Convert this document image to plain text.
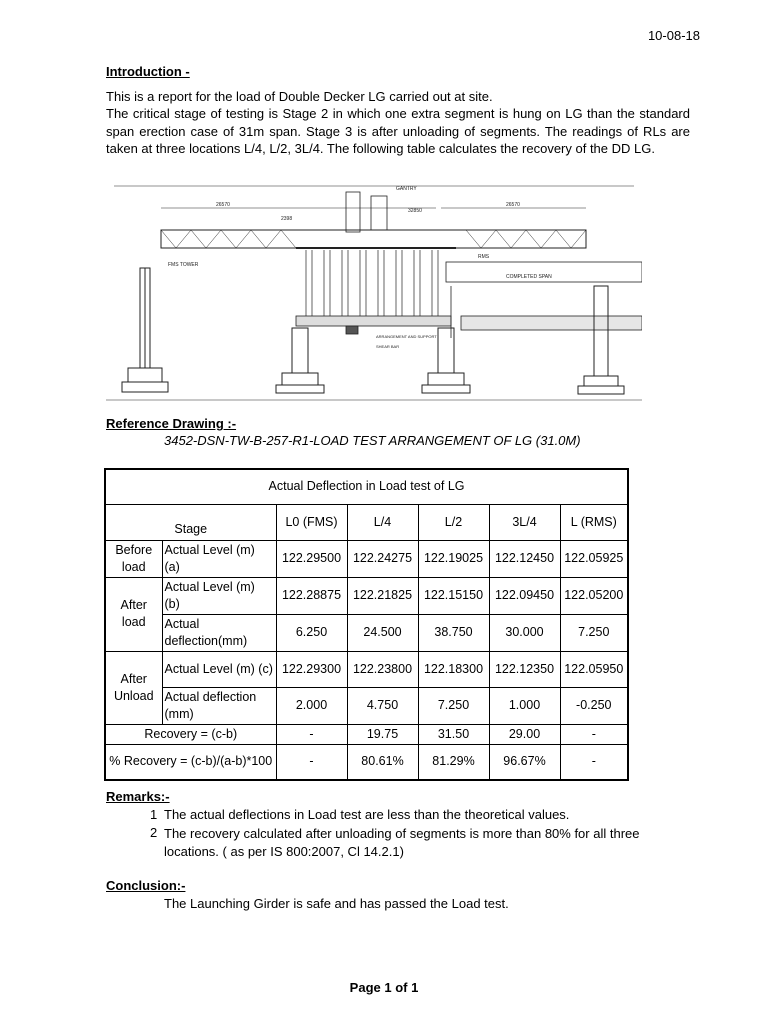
10-08-18
Introduction -
This is a report for the load of Double Decker LG carried out at site.
The critical stage of testing is Stage 2 in which one extra segment is hung on LG than the standard span erection case of 31m span. Stage 3 is after unloading of segments. The readings of RLs are taken at three locations L/4, L/2, 3L/4. The following table calculates the recovery of the DD LG.
26570	26570
32850
2398
GANTRY
ARRANGEMENT AND SUPPORT
SHEAR BAR
RMS
COMPLETED SPAN
FMS TOWER
Reference Drawing :-
3452-DSN-TW-B-257-R1-LOAD TEST ARRANGEMENT OF LG (31.0M)
Actual Deflection in Load test of LG						
Stage		L0 (FMS)	L/4	L/2	3L/4	L (RMS)
Before load	Actual Level (m) (a)	122.29500	122.24275	122.19025	122.12450	122.05925
After load	Actual Level (m) (b)	122.28875	122.21825	122.15150	122.09450	122.05200
	Actual deflection(mm)	6.250	24.500	38.750	30.000	7.250
After Unload	Actual Level (m) (c)	122.29300	122.23800	122.18300	122.12350	122.05950
	Actual deflection (mm)	2.000	4.750	7.250	1.000	-0.250
Recovery = (c-b)		-	19.75	31.50	29.00	-
% Recovery = (c-b)/(a-b)*100		-	80.61%	81.29%	96.67%	-
Remarks:-
1 The actual deflections in Load test are less than the theoretical values.
2 The recovery calculated after unloading of segments is more than 80% for all three locations. ( as per IS 800:2007, Cl 14.2.1)
Conclusion:-
The Launching Girder is safe and has passed the Load test.
Page 1 of 1
